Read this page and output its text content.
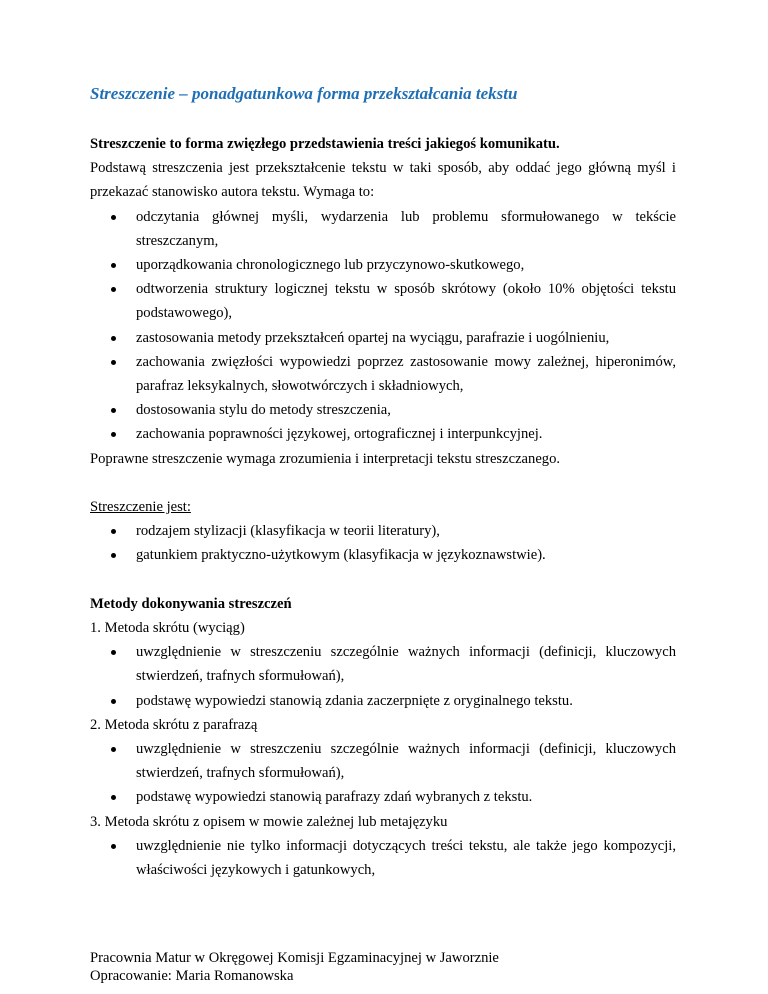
Streszczenie – ponadgatunkowa forma przekształcania tekstu

Streszczenie to forma zwięzłego przedstawienia treści jakiegoś komunikatu.

Podstawą streszczenia jest przekształcenie tekstu w taki sposób, aby oddać jego główną myśl i przekazać stanowisko autora tekstu. Wymaga to:

odczytania głównej myśli, wydarzenia lub problemu sformułowanego w tekście streszczanym,
uporządkowania chronologicznego lub przyczynowo-skutkowego,
odtworzenia struktury logicznej tekstu w sposób skrótowy (około 10% objętości tekstu podstawowego),
zastosowania metody przekształceń opartej na wyciągu, parafrazie i uogólnieniu,
zachowania zwięzłości wypowiedzi poprzez zastosowanie mowy zależnej, hiperonimów, parafraz leksykalnych, słowotwórczych i składniowych,
dostosowania stylu do metody streszczenia,
zachowania poprawności językowej, ortograficznej i interpunkcyjnej.

Poprawne streszczenie wymaga zrozumienia i interpretacji tekstu streszczanego.

Streszczenie jest:

rodzajem stylizacji (klasyfikacja w teorii literatury),
gatunkiem praktyczno-użytkowym (klasyfikacja w językoznawstwie).

Metody dokonywania streszczeń

1. Metoda skrótu (wyciąg)

uwzględnienie w streszczeniu szczególnie ważnych informacji (definicji, kluczowych stwierdzeń, trafnych sformułowań),
podstawę wypowiedzi stanowią zdania zaczerpnięte z oryginalnego tekstu.

2. Metoda skrótu z parafrazą

uwzględnienie w streszczeniu szczególnie ważnych informacji (definicji, kluczowych stwierdzeń, trafnych sformułowań),
podstawę wypowiedzi stanowią parafrazy zdań wybranych z tekstu.

3. Metoda skrótu z opisem w mowie zależnej lub metajęzyku

uwzględnienie nie tylko informacji dotyczących treści tekstu, ale także jego kompozycji, właściwości językowych i gatunkowych,
Pracownia Matur w Okręgowej Komisji Egzaminacyjnej w Jaworznie
Opracowanie: Maria Romanowska
